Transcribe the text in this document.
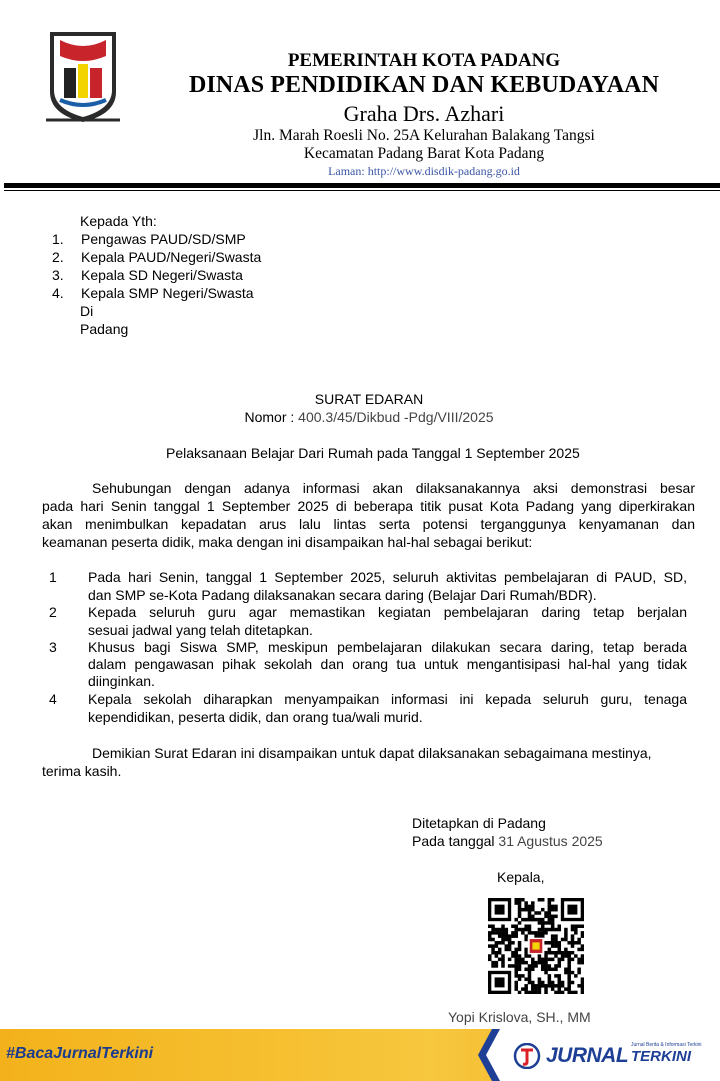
PEMERINTAH KOTA PADANG
DINAS PENDIDIKAN DAN KEBUDAYAAN
Graha Drs. Azhari
Jln. Marah Roesli No. 25A Kelurahan Balakang Tangsi
Kecamatan Padang Barat Kota Padang
Laman: http://www.disdik-padang.go.id
Kepada Yth:
1. Pengawas PAUD/SD/SMP
2. Kepala PAUD/Negeri/Swasta
3. Kepala SD Negeri/Swasta
4. Kepala SMP Negeri/Swasta
Di
Padang
SURAT EDARAN
Nomor : 400.3/45/Dikbud -Pdg/VIII/2025
Pelaksanaan Belajar Dari Rumah pada Tanggal 1 September 2025
Sehubungan dengan adanya informasi akan dilaksanakannya aksi demonstrasi besar
pada hari Senin tanggal 1 September 2025 di beberapa titik pusat Kota Padang yang diperkirakan
akan menimbulkan kepadatan arus lalu lintas serta potensi terganggunya kenyamanan dan
keamanan peserta didik, maka dengan ini disampaikan hal-hal sebagai berikut:
1 Pada hari Senin, tanggal 1 September 2025, seluruh aktivitas pembelajaran di PAUD, SD,
dan SMP se-Kota Padang dilaksanakan secara daring (Belajar Dari Rumah/BDR).
2 Kepada seluruh guru agar memastikan kegiatan pembelajaran daring tetap berjalan
sesuai jadwal yang telah ditetapkan.
3 Khusus bagi Siswa SMP, meskipun pembelajaran dilakukan secara daring, tetap berada
dalam pengawasan pihak sekolah dan orang tua untuk mengantisipasi hal-hal yang tidak
diinginkan.
4 Kepala sekolah diharapkan menyampaikan informasi ini kepada seluruh guru, tenaga
kependidikan, peserta didik, dan orang tua/wali murid.
Demikian Surat Edaran ini disampaikan untuk dapat dilaksanakan sebagaimana mestinya,
terima kasih.
Ditetapkan di Padang
Pada tanggal 31 Agustus 2025
Kepala,
Yopi Krislova, SH., MM
#BacaJurnalTerkini	JURNAL Jurnal Berita & Informasi Terkini
TERKINI
